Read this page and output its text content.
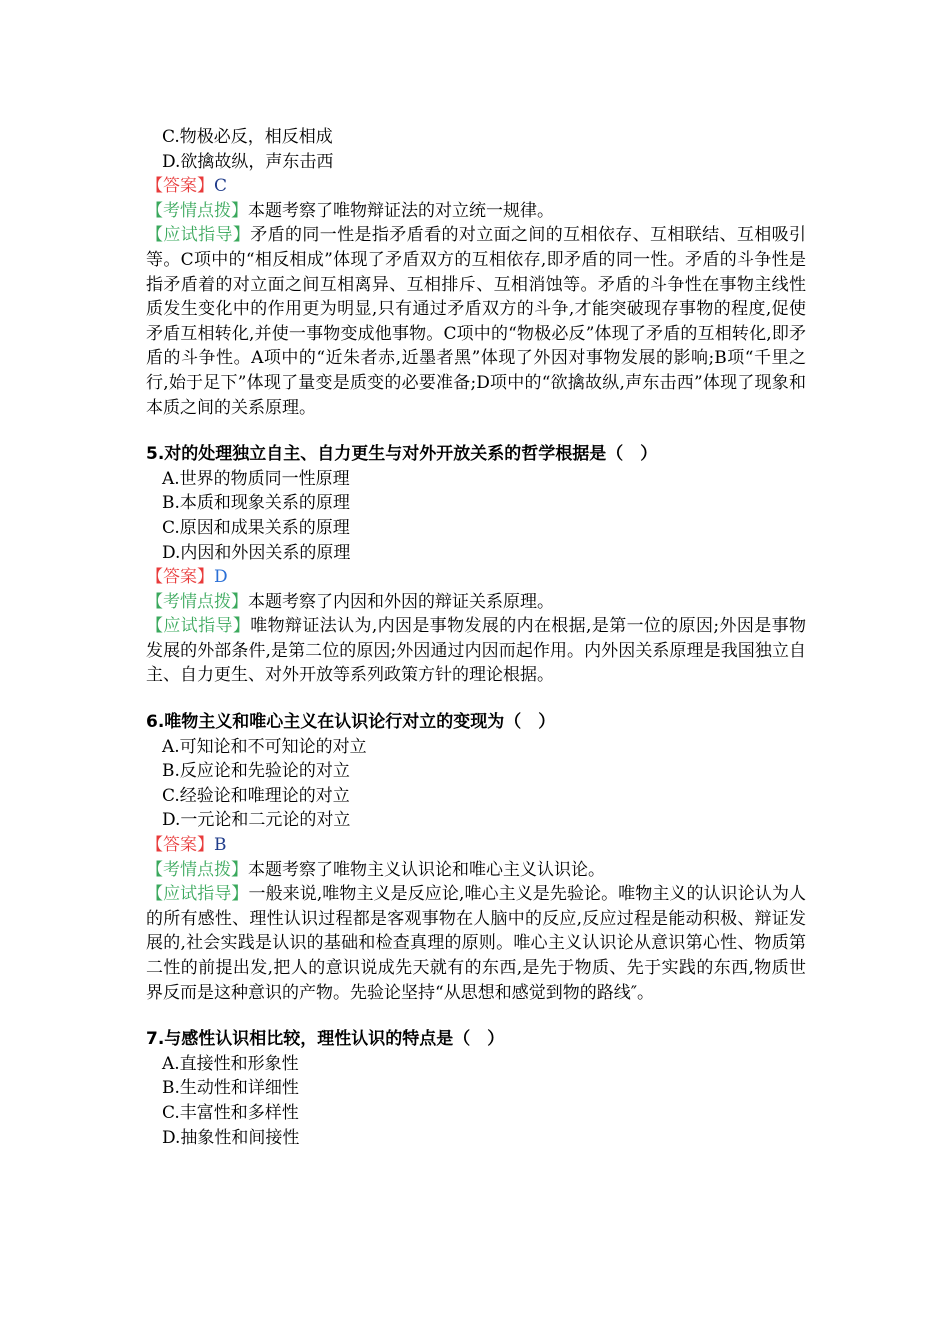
C.物极必反，相反相成
D.欲擒故纵，声东击西
【答案】C
【考情点拨】本题考察了唯物辩证法的对立统一规律。
【应试指导】矛盾的同一性是指矛盾看的对立面之间的互相依存、互相联结、互相吸引等。C项中的“相反相成”体现了矛盾双方的互相依存,即矛盾的同一性。矛盾的斗争性是指矛盾着的对立面之间互相离异、互相排斥、互相消蚀等。矛盾的斗争性在事物主线性质发生变化中的作用更为明显,只有通过矛盾双方的斗争,才能突破现存事物的程度,促使矛盾互相转化,并使一事物变成他事物。C项中的“物极必反”体现了矛盾的互相转化,即矛盾的斗争性。A项中的“近朱者赤,近墨者黑”体现了外因对事物发展的影响;B项“千里之行,始于足下”体现了量变是质变的必要准备;D项中的“欲擒故纵,声东击西”体现了现象和本质之间的关系原理。
5.对的处理独立自主、自力更生与对外开放关系的哲学根据是（　）
A.世界的物质同一性原理
B.本质和现象关系的原理
C.原因和成果关系的原理
D.内因和外因关系的原理
【答案】D
【考情点拨】本题考察了内因和外因的辩证关系原理。
【应试指导】唯物辩证法认为,内因是事物发展的内在根据,是第一位的原因;外因是事物发展的外部条件,是第二位的原因;外因通过内因而起作用。内外因关系原理是我国独立自主、自力更生、对外开放等系列政策方针的理论根据。
6.唯物主义和唯心主义在认识论行对立的变现为（　）
A.可知论和不可知论的对立
B.反应论和先验论的对立
C.经验论和唯理论的对立
D.一元论和二元论的对立
【答案】B
【考情点拨】本题考察了唯物主义认识论和唯心主义认识论。
【应试指导】一般来说,唯物主义是反应论,唯心主义是先验论。唯物主义的认识论认为人的所有感性、理性认识过程都是客观事物在人脑中的反应,反应过程是能动积极、辩证发展的,社会实践是认识的基础和检查真理的原则。唯心主义认识论从意识第心性、物质第二性的前提出发,把人的意识说成先天就有的东西,是先于物质、先于实践的东西,物质世界反而是这种意识的产物。先验论坚持“从思想和感觉到物的路线″。
7.与感性认识相比较，理性认识的特点是（　）
A.直接性和形象性
B.生动性和详细性
C.丰富性和多样性
D.抽象性和间接性
